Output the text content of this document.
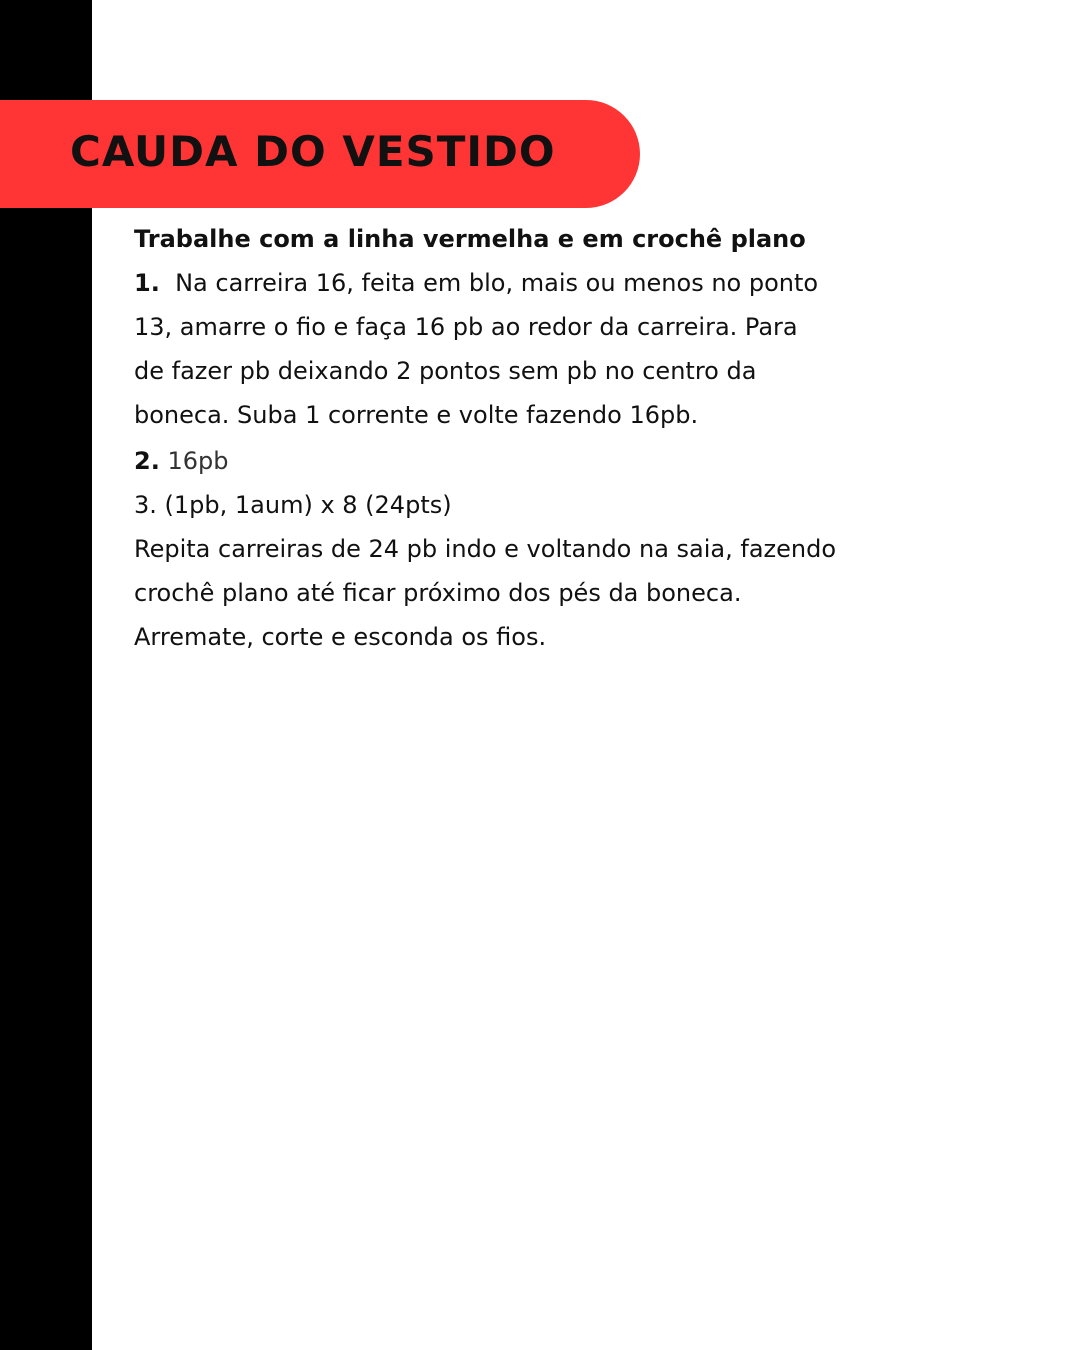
CAUDA DO VESTIDO
Trabalhe com a linha vermelha e em crochê plano
1. Na carreira 16, feita em blo, mais ou menos no ponto
13, amarre o fio e faça 16 pb ao redor da carreira. Para
de fazer pb deixando 2 pontos sem pb no centro da
boneca. Suba 1 corrente e volte fazendo 16pb.
2. 16pb
3. (1pb, 1aum) x 8 (24pts)
Repita carreiras de 24 pb indo e voltando na saia, fazendo
crochê plano até ficar próximo dos pés da boneca.
Arremate, corte e esconda os fios.
